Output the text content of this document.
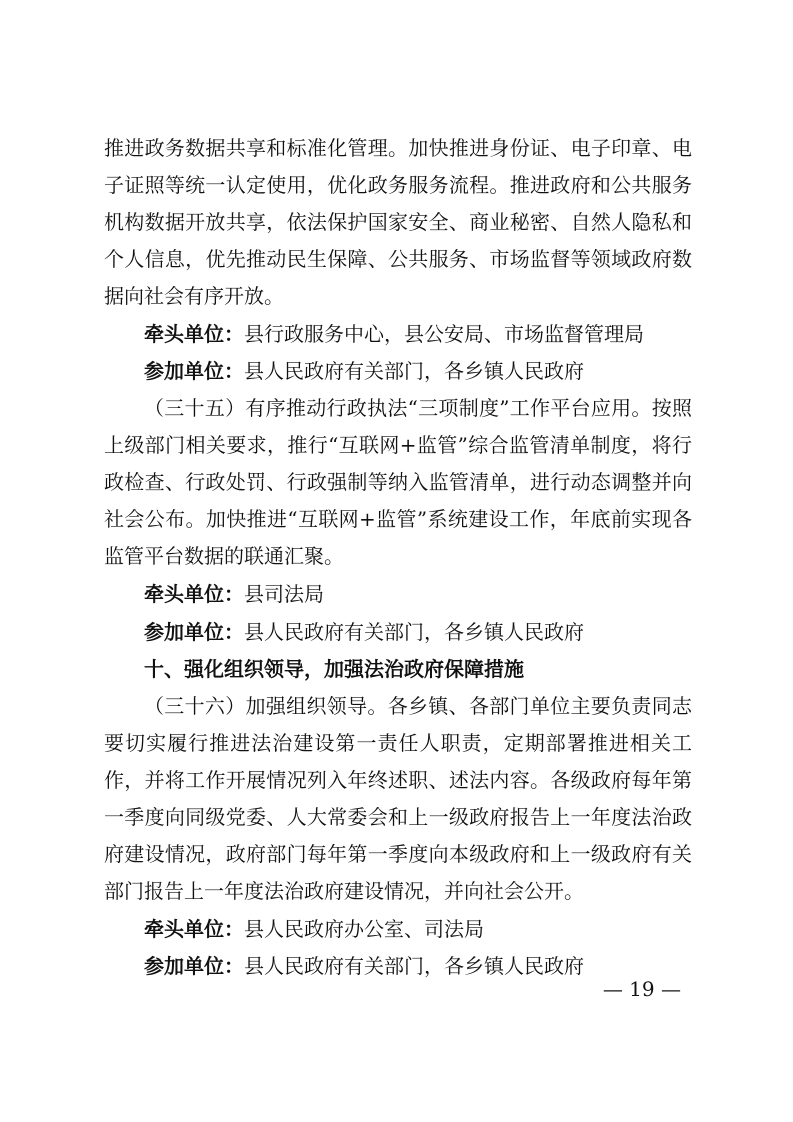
推进政务数据共享和标准化管理。加快推进身份证、电子印章、电子证照等统一认定使用，优化政务服务流程。推进政府和公共服务机构数据开放共享，依法保护国家安全、商业秘密、自然人隐私和个人信息，优先推动民生保障、公共服务、市场监督等领域政府数据向社会有序开放。
牵头单位：县行政服务中心，县公安局、市场监督管理局
参加单位：县人民政府有关部门，各乡镇人民政府
（三十五）有序推动行政执法“三项制度”工作平台应用。按照上级部门相关要求，推行“互联网+监管”综合监管清单制度，将行政检查、行政处罚、行政强制等纳入监管清单，进行动态调整并向社会公布。加快推进“互联网+监管”系统建设工作，年底前实现各监管平台数据的联通汇聚。
牵头单位：县司法局
参加单位：县人民政府有关部门，各乡镇人民政府
十、强化组织领导，加强法治政府保障措施
（三十六）加强组织领导。各乡镇、各部门单位主要负责同志要切实履行推进法治建设第一责任人职责，定期部署推进相关工作，并将工作开展情况列入年终述职、述法内容。各级政府每年第一季度向同级党委、人大常委会和上一级政府报告上一年度法治政府建设情况，政府部门每年第一季度向本级政府和上一级政府有关部门报告上一年度法治政府建设情况，并向社会公开。
牵头单位：县人民政府办公室、司法局
参加单位：县人民政府有关部门，各乡镇人民政府
— 19 —
